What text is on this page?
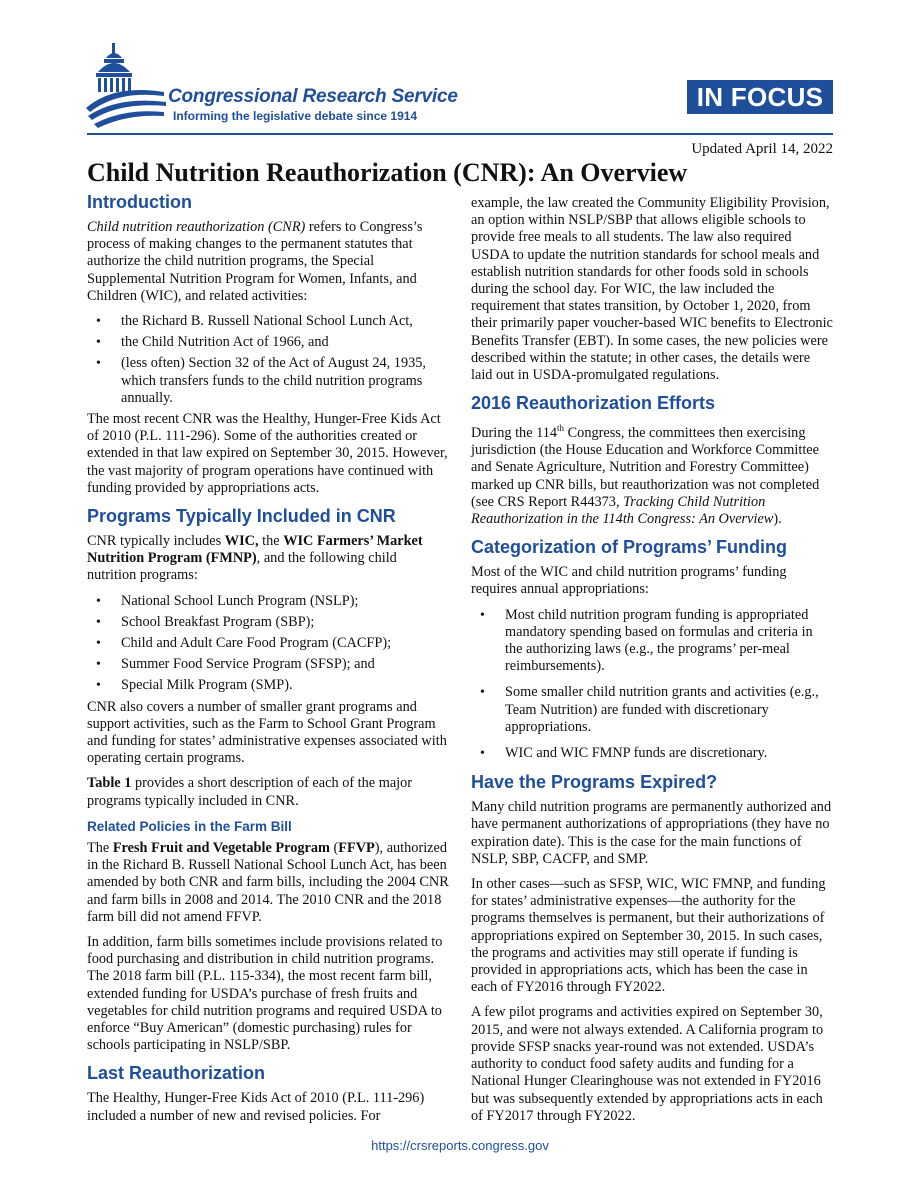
Congressional Research Service
Informing the legislative debate since 1914
IN FOCUS
Updated April 14, 2022
Child Nutrition Reauthorization (CNR): An Overview
Introduction

Child nutrition reauthorization (CNR) refers to Congress’s process of making changes to the permanent statutes that authorize the child nutrition programs, the Special Supplemental Nutrition Program for Women, Infants, and Children (WIC), and related activities:

• the Richard B. Russell National School Lunch Act,
• the Child Nutrition Act of 1966, and
• (less often) Section 32 of the Act of August 24, 1935, which transfers funds to the child nutrition programs annually.

The most recent CNR was the Healthy, Hunger-Free Kids Act of 2010 (P.L. 111-296). Some of the authorities created or extended in that law expired on September 30, 2015. However, the vast majority of program operations have continued with funding provided by appropriations acts.

Programs Typically Included in CNR

CNR typically includes WIC, the WIC Farmers’ Market Nutrition Program (FMNP), and the following child nutrition programs:

• National School Lunch Program (NSLP);
• School Breakfast Program (SBP);
• Child and Adult Care Food Program (CACFP);
• Summer Food Service Program (SFSP); and
• Special Milk Program (SMP).

CNR also covers a number of smaller grant programs and support activities, such as the Farm to School Grant Program and funding for states’ administrative expenses associated with operating certain programs.

Table 1 provides a short description of each of the major programs typically included in CNR.

Related Policies in the Farm Bill

The Fresh Fruit and Vegetable Program (FFVP), authorized in the Richard B. Russell National School Lunch Act, has been amended by both CNR and farm bills, including the 2004 CNR and farm bills in 2008 and 2014. The 2010 CNR and the 2018 farm bill did not amend FFVP.

In addition, farm bills sometimes include provisions related to food purchasing and distribution in child nutrition programs. The 2018 farm bill (P.L. 115-334), the most recent farm bill, extended funding for USDA’s purchase of fresh fruits and vegetables for child nutrition programs and required USDA to enforce “Buy American” (domestic purchasing) rules for schools participating in NSLP/SBP.

Last Reauthorization

The Healthy, Hunger-Free Kids Act of 2010 (P.L. 111-296) included a number of new and revised policies. For

example, the law created the Community Eligibility Provision, an option within NSLP/SBP that allows eligible schools to provide free meals to all students. The law also required USDA to update the nutrition standards for school meals and establish nutrition standards for other foods sold in schools during the school day. For WIC, the law included the requirement that states transition, by October 1, 2020, from their primarily paper voucher-based WIC benefits to Electronic Benefits Transfer (EBT). In some cases, the new policies were described within the statute; in other cases, the details were laid out in USDA-promulgated regulations.

2016 Reauthorization Efforts

During the 114th Congress, the committees then exercising jurisdiction (the House Education and Workforce Committee and Senate Agriculture, Nutrition and Forestry Committee) marked up CNR bills, but reauthorization was not completed (see CRS Report R44373, Tracking Child Nutrition Reauthorization in the 114th Congress: An Overview).

Categorization of Programs’ Funding

Most of the WIC and child nutrition programs’ funding requires annual appropriations:

• Most child nutrition program funding is appropriated mandatory spending based on formulas and criteria in the authorizing laws (e.g., the programs’ per-meal reimbursements).
• Some smaller child nutrition grants and activities (e.g., Team Nutrition) are funded with discretionary appropriations.
• WIC and WIC FMNP funds are discretionary.
Have the Programs Expired?

Many child nutrition programs are permanently authorized and have permanent authorizations of appropriations (they have no expiration date). This is the case for the main functions of NSLP, SBP, CACFP, and SMP.

In other cases—such as SFSP, WIC, WIC FMNP, and funding for states’ administrative expenses—the authority for the programs themselves is permanent, but their authorizations of appropriations expired on September 30, 2015. In such cases, the programs and activities may still operate if funding is provided in appropriations acts, which has been the case in each of FY2016 through FY2022.

A few pilot programs and activities expired on September 30, 2015, and were not always extended. A California program to provide SFSP snacks year-round was not extended. USDA’s authority to conduct food safety audits and funding for a National Hunger Clearinghouse was not extended in FY2016 but was subsequently extended by appropriations acts in each of FY2017 through FY2022.

https://crsreports.congress.gov
